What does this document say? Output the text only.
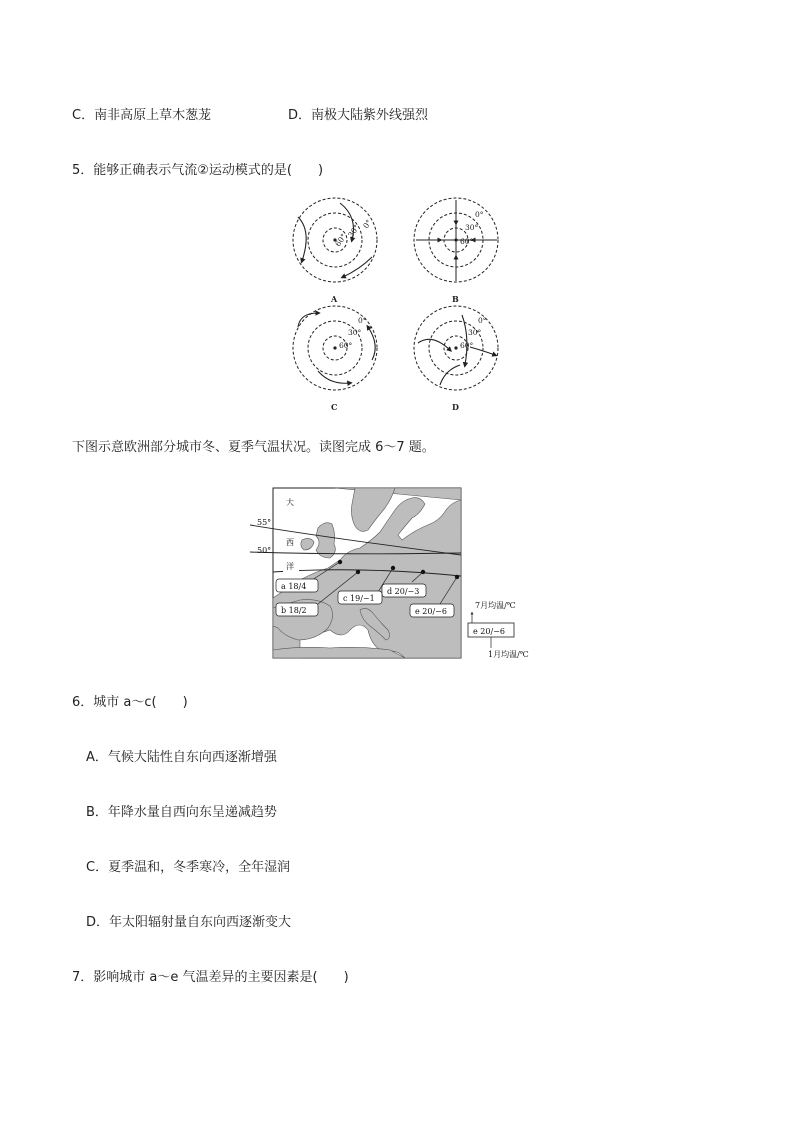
C．南非高原上草木葱茏	D．南极大陆紫外线强烈
5．能够正确表示气流②运动模式的是(　　)
0°
30°
60°
A
0°
30°
60°
B
0°
30°
60°
C
0°
30°
60°
D
下图示意欧洲部分城市冬、夏季气温状况。读图完成 6～7 题。
大
西
洋
55°
50°
a 18/4
b 18/2
c 19/−1
d 20/−3
e 20/−6
7月均温/℃
e 20/−6
1月均温/℃
6．城市 a～c(　　)
A．气候大陆性自东向西逐渐增强
B．年降水量自西向东呈递减趋势
C．夏季温和，冬季寒冷，全年湿润
D．年太阳辐射量自东向西逐渐变大
7．影响城市 a～e 气温差异的主要因素是(　　)
